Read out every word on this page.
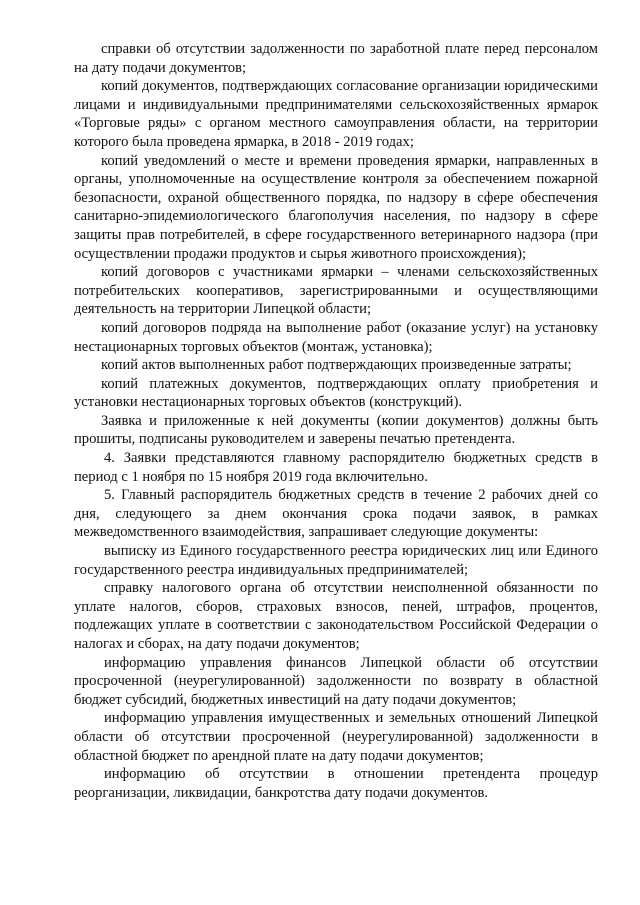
справки об отсутствии задолженности по заработной плате перед персоналом на дату подачи документов;

копий документов, подтверждающих согласование организации юридическими лицами и индивидуальными предпринимателями сельскохозяйственных ярмарок «Торговые ряды» с органом местного самоуправления области, на территории которого была проведена ярмарка, в 2018 - 2019 годах;

копий уведомлений о месте и времени проведения ярмарки, направленных в органы, уполномоченные на осуществление контроля за обеспечением пожарной безопасности, охраной общественного порядка, по надзору в сфере обеспечения санитарно-эпидемиологического благополучия населения, по надзору в сфере защиты прав потребителей, в сфере государственного ветеринарного надзора (при осуществлении продажи продуктов и сырья животного происхождения);

копий договоров с участниками ярмарки – членами сельскохозяйственных потребительских кооперативов, зарегистрированными и осуществляющими деятельность на территории Липецкой области;

копий договоров подряда на выполнение работ (оказание услуг) на установку нестационарных торговых объектов (монтаж, установка);

копий актов выполненных работ подтверждающих произведенные затраты;

копий платежных документов, подтверждающих оплату приобретения и установки нестационарных торговых объектов (конструкций).

Заявка и приложенные к ней документы (копии документов) должны быть прошиты, подписаны руководителем и заверены печатью претендента.

4. Заявки представляются главному распорядителю бюджетных средств в период с 1 ноября по 15 ноября 2019 года включительно.

5. Главный распорядитель бюджетных средств в течение 2 рабочих дней со дня, следующего за днем окончания срока подачи заявок, в рамках межведомственного взаимодействия, запрашивает следующие документы:

выписку из Единого государственного реестра юридических лиц или Единого государственного реестра индивидуальных предпринимателей;

справку налогового органа об отсутствии неисполненной обязанности по уплате налогов, сборов, страховых взносов, пеней, штрафов, процентов, подлежащих уплате в соответствии с законодательством Российской Федерации о налогах и сборах, на дату подачи документов;

информацию управления финансов Липецкой области об отсутствии просроченной (неурегулированной) задолженности по возврату в областной бюджет субсидий, бюджетных инвестиций на дату подачи документов;

информацию управления имущественных и земельных отношений Липецкой области об отсутствии просроченной (неурегулированной) задолженности в областной бюджет по арендной плате на дату подачи документов;

информацию об отсутствии в отношении претендента процедур реорганизации, ликвидации, банкротства дату подачи документов.
